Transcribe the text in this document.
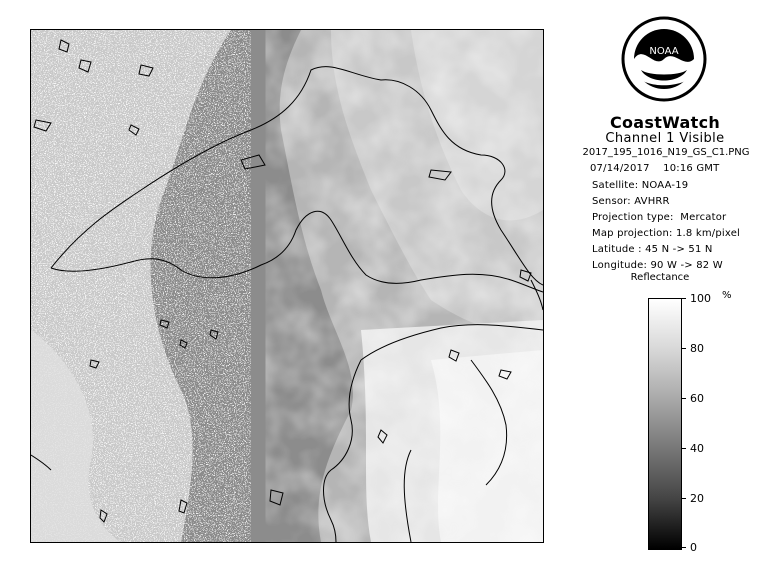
NOAA
CoastWatch
Channel 1 Visible
2017_195_1016_N19_GS_C1.PNG
07/14/2017    10:16 GMT
Satellite: NOAA-19
Sensor: AVHRR
Projection type:  Mercator
Map projection: 1.8 km/pixel
Latitude : 45 N -> 51 N
Longitude: 90 W -> 82 W
Reflectance
%
100
80
60
40
20
0
